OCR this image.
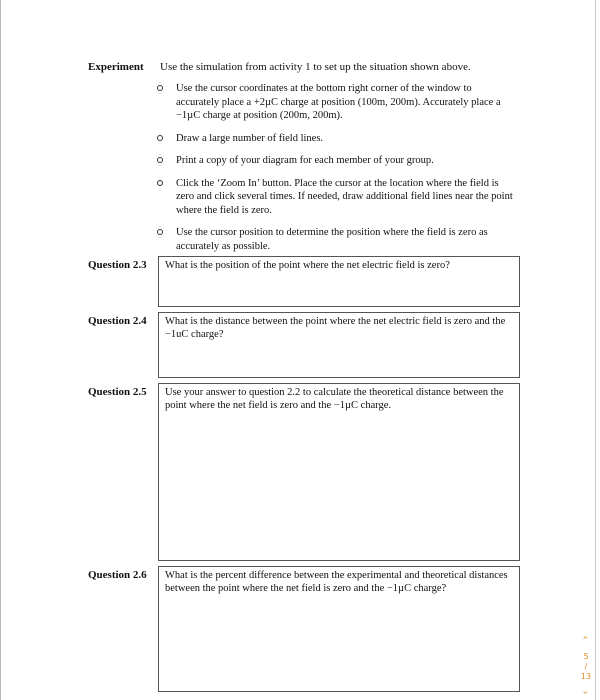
Experiment Use the simulation from activity 1 to set up the situation shown above.
Use the cursor coordinates at the bottom right corner of the window to accurately place a +2µC charge at position (100m, 200m). Accurately place a −1µC charge at position (200m, 200m).
Draw a large number of field lines.
Print a copy of your diagram for each member of your group.
Click the ‘Zoom In’ button. Place the cursor at the location where the field is zero and click several times. If needed, draw additional field lines near the point where the field is zero.
Use the cursor position to determine the position where the field is zero as accurately as possible.
Question 2.3	What is the position of the point where the net electric field is zero?
Question 2.4	What is the distance between the point where the net electric field is zero and the −1uC charge?
Question 2.5	Use your answer to question 2.2 to calculate the theoretical distance between the point where the net field is zero and the −1µC charge.
Question 2.6	What is the percent difference between the experimental and theoretical distances between the point where the net field is zero and the −1µC charge?
‹
5
/
13
›
